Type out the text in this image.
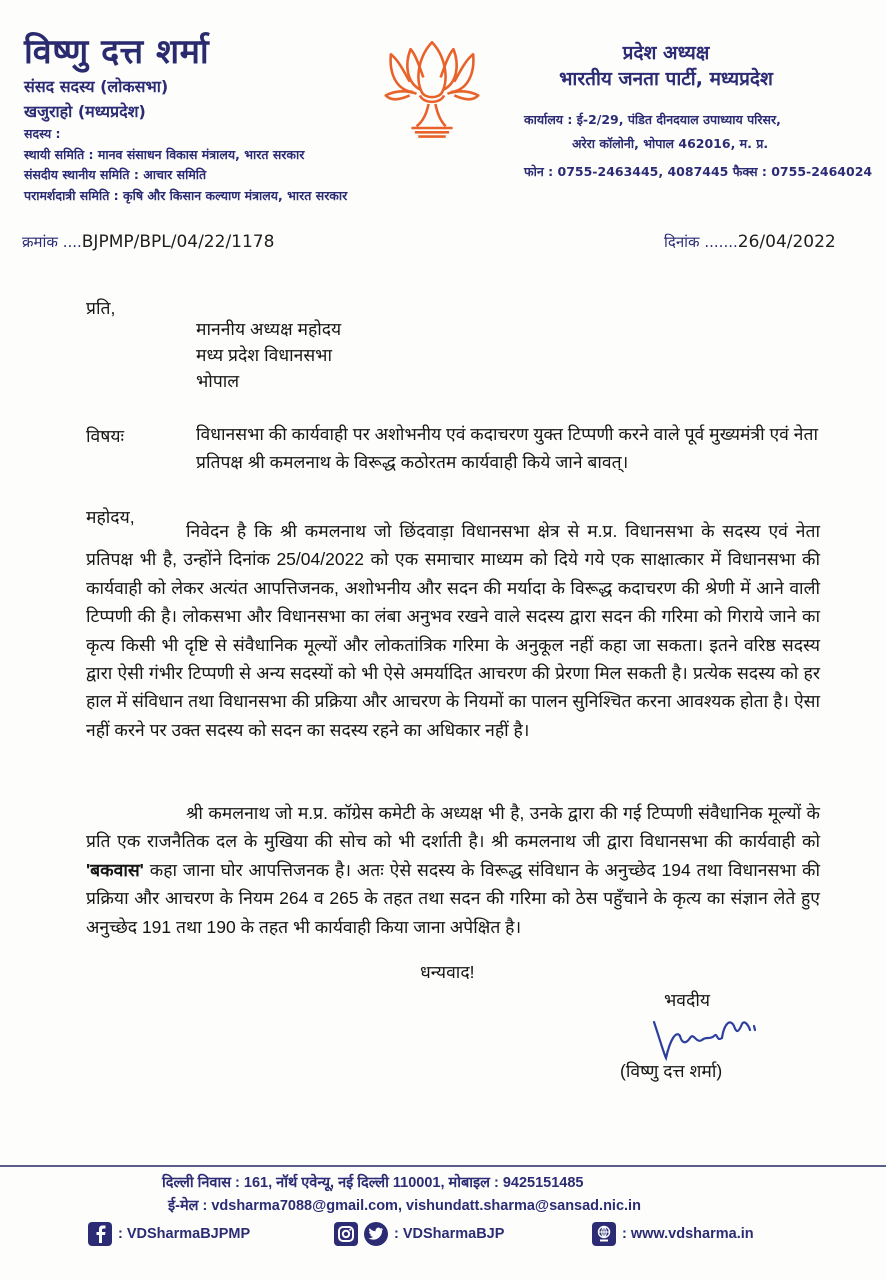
विष्णु दत्त शर्मा
संसद सदस्य (लोकसभा)
खजुराहो (मध्यप्रदेश)
सदस्य :
स्थायी समिति : मानव संसाधन विकास मंत्रालय, भारत सरकार
संसदीय स्थानीय समिति : आचार समिति
परामर्शदात्री समिति : कृषि और किसान कल्याण मंत्रालय, भारत सरकार
प्रदेश अध्यक्ष
भारतीय जनता पार्टी, मध्यप्रदेश
कार्यालय : ई-2/29, पंडित दीनदयाल उपाध्याय परिसर,
अरेरा कॉलोनी, भोपाल 462016, म. प्र.
फोन : 0755-2463445, 4087445 फैक्स : 0755-2464024
क्रमांक ....BJPMP/BPL/04/22/1178	दिनांक .......26/04/2022
प्रति,
माननीय अध्यक्ष महोदय
मध्य प्रदेश विधानसभा
भोपाल
विषयः	विधानसभा की कार्यवाही पर अशोभनीय एवं कदाचरण युक्त टिप्पणी करने वाले पूर्व मुख्यमंत्री एवं नेता प्रतिपक्ष श्री कमलनाथ के विरूद्ध कठोरतम कार्यवाही किये जाने बावत्।
महोदय,
निवेदन है कि श्री कमलनाथ जो छिंदवाड़ा विधानसभा क्षेत्र से म.प्र. विधानसभा के सदस्य एवं नेता प्रतिपक्ष भी है, उन्होंने दिनांक 25/04/2022 को एक समाचार माध्यम को दिये गये एक साक्षात्कार में विधानसभा की कार्यवाही को लेकर अत्यंत आपत्तिजनक, अशोभनीय और सदन की मर्यादा के विरूद्ध कदाचरण की श्रेणी में आने वाली टिप्पणी की है। लोकसभा और विधानसभा का लंबा अनुभव रखने वाले सदस्य द्वारा सदन की गरिमा को गिराये जाने का कृत्य किसी भी दृष्टि से संवैधानिक मूल्यों और लोकतांत्रिक गरिमा के अनुकूल नहीं कहा जा सकता। इतने वरिष्ठ सदस्य द्वारा ऐसी गंभीर टिप्पणी से अन्य सदस्यों को भी ऐसे अमर्यादित आचरण की प्रेरणा मिल सकती है। प्रत्येक सदस्य को हर हाल में संविधान तथा विधानसभा की प्रक्रिया और आचरण के नियमों का पालन सुनिश्चित करना आवश्यक होता है। ऐसा नहीं करने पर उक्त सदस्य को सदन का सदस्य रहने का अधिकार नहीं है।
श्री कमलनाथ जो म.प्र. कॉग्रेस कमेटी के अध्यक्ष भी है, उनके द्वारा की गई टिप्पणी संवैधानिक मूल्यों के प्रति एक राजनैतिक दल के मुखिया की सोच को भी दर्शाती है। श्री कमलनाथ जी द्वारा विधानसभा की कार्यवाही को 'बकवास' कहा जाना घोर आपत्तिजनक है। अतः ऐसे सदस्य के विरूद्ध संविधान के अनुच्छेद 194 तथा विधानसभा की प्रक्रिया और आचरण के नियम 264 व 265 के तहत तथा सदन की गरिमा को ठेस पहुँचाने के कृत्य का संज्ञान लेते हुए अनुच्छेद 191 तथा 190 के तहत भी कार्यवाही किया जाना अपेक्षित है।
धन्यवाद!
भवदीय
(विष्णु दत्त शर्मा)
दिल्ली निवास : 161, नॉर्थ एवेन्यू, नई दिल्ली 110001, मोबाइल : 9425151485
ई-मेल : vdsharma7088@gmail.com, vishundatt.sharma@sansad.nic.in
: VDSharmaBJPMP	: VDSharmaBJP	: www.vdsharma.in
